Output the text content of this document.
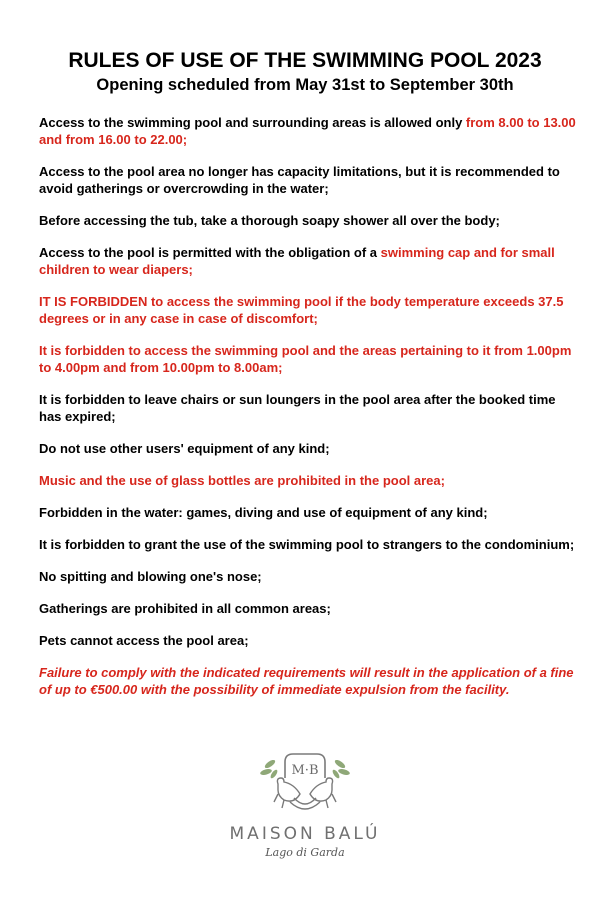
RULES OF USE OF THE SWIMMING POOL 2023
Opening scheduled from May 31st to September 30th

Access to the swimming pool and surrounding areas is allowed only from 8.00 to 13.00 and from 16.00 to 22.00;

Access to the pool area no longer has capacity limitations, but it is recommended to avoid gatherings or overcrowding in the water;

Before accessing the tub, take a thorough soapy shower all over the body;

Access to the pool is permitted with the obligation of a swimming cap and for small children to wear diapers;

IT IS FORBIDDEN to access the swimming pool if the body temperature exceeds 37.5 degrees or in any case in case of discomfort;

It is forbidden to access the swimming pool and the areas pertaining to it from 1.00pm to 4.00pm and from 10.00pm to 8.00am;

It is forbidden to leave chairs or sun loungers in the pool area after the booked time has expired;

Do not use other users' equipment of any kind;

Music and the use of glass bottles are prohibited in the pool area;

Forbidden in the water: games, diving and use of equipment of any kind;

It is forbidden to grant the use of the swimming pool to strangers to the condominium;

No spitting and blowing one's nose;

Gatherings are prohibited in all common areas;

Pets cannot access the pool area;

Failure to comply with the indicated requirements will result in the application of a fine of up to €500.00 with the possibility of immediate expulsion from the facility.

M·B
MAISON BALÚ
Lago di Garda
